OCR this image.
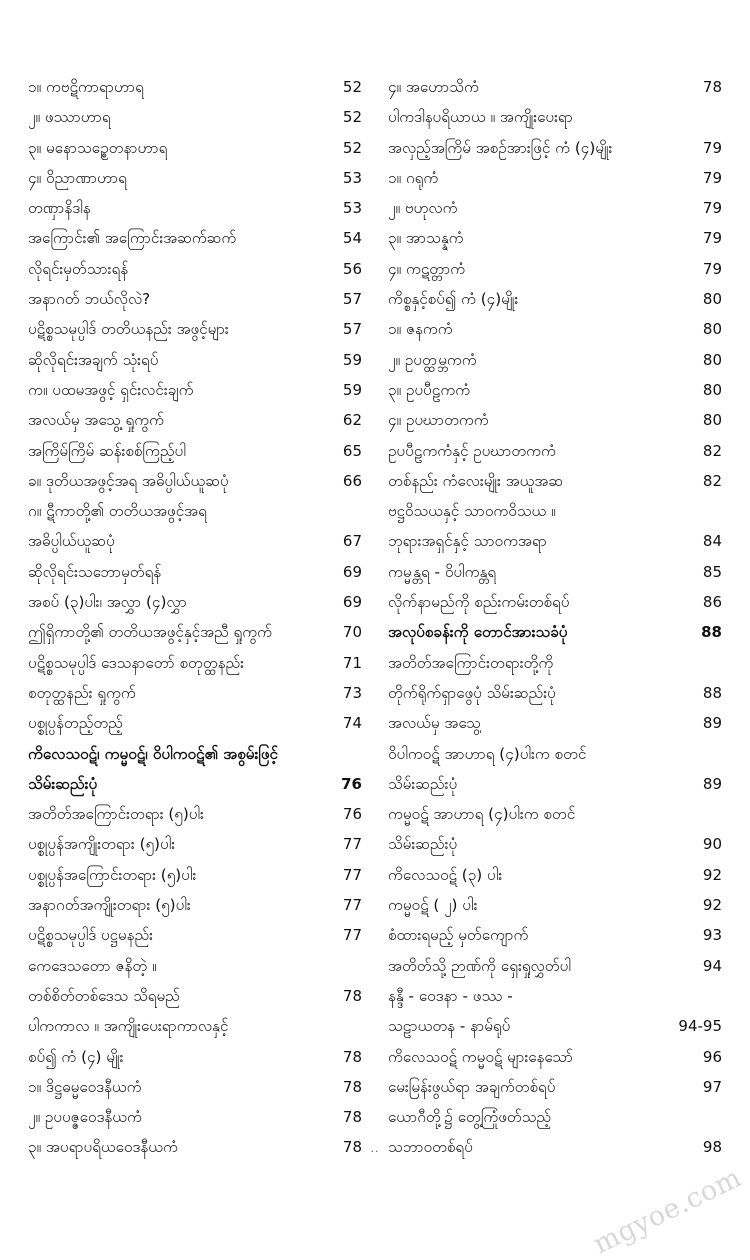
၁။ ကဗဋိကာရာဟာရ	52
၂။ ဖဿာဟာရ	52
၃။ မနောသဉ္စေတနာဟာရ	52
၄။ ဝိညာဏာဟာရ	53
တဏှာနိဒါန	53
အကြောင်း၏ အကြောင်းအဆက်ဆက်	54
လိုရင်းမှတ်သားရန်	56
အနာဂတ် ဘယ်လိုလဲ?	57
ပဋိစ္စသမုပ္ပါဒ် တတိယနည်း အဖွင့်များ	57
ဆိုလိုရင်းအချက် သုံးရပ်	59
က။ ပထမအဖွင့် ရှင်းလင်းချက်	59
အလယ်မှ အသွေ့ ရှုကွက်	62
အကြိမ်ကြိမ် ဆန်းစစ်ကြည့်ပါ	65
ခ။ ဒုတိယအဖွင့်အရ အဓိပ္ပါယ်ယူဆပုံ	66
ဂ။ ဋီကာတို့၏ တတိယအဖွင့်အရ
အဓိပ္ပါယ်ယူဆပုံ	67
ဆိုလိုရင်းသဘောမှတ်ရန်	69
အစပ် (၃)ပါး၊ အလွှာ (၄)လွှာ	69
ဤရှိကာတို့၏ တတိယအဖွင့်နှင့်အညီ ရှုကွက်	70
ပဋိစ္စသမုပ္ပါဒ် ဒေသနာတော် စတုတ္ထနည်း	71
စတုတ္ထနည်း ရှုကွက်	73
ပစ္စုပ္ပန်တည့်တည့်	74
ကိလေသဝဋ်၊ ကမ္မဝဋ်၊ ဝိပါကဝဋ်၏ အစွမ်းဖြင့်
သိမ်းဆည်းပုံ	76
အတိတ်အကြောင်းတရား (၅)ပါး	76
ပစ္စုပ္ပန်အကျိုးတရား (၅)ပါး	77
ပစ္စုပ္ပန်အကြောင်းတရား (၅)ပါး	77
အနာဂတ်အကျိုးတရား (၅)ပါး	77
ပဋိစ္စသမုပ္ပါဒ် ပဋ္ဌမနည်း	77
ကေဒေသတော ဇနိတဲ့ ။
တစ်စိတ်တစ်ဒေသ သိရမည်	78
ပါကကာလ ။ အကျိုးပေးရာကာလနှင့်
စပ်၍ ကံ (၄) မျိုး	78
၁။ ဒိဋ္ဌဓမ္မဝေဒနီယကံ	78
၂။ ဥပပဇ္ဇဝေဒနီယကံ	78
၃။ အပရာပရိယဝေဒနီယကံ	78
၄။ အဟောသိကံ	78
ပါကဒါနပရိယာယ ။ အကျိုးပေးရာ
အလှည့်အကြိမ် အစဉ်အားဖြင့် ကံ (၄)မျိုး	79
၁။ ဂရုကံ	79
၂။ ဗဟုလကံ	79
၃။ အာသန္နကံ	79
၄။ ကဋတ္တာကံ	79
ကိစ္စနှင့်စပ်၍ ကံ (၄)မျိုး	80
၁။ ဇနကကံ	80
၂။ ဥပတ္ထမ္ဘကကံ	80
၃။ ဥပပီဠကကံ	80
၄။ ဥပဃာတကကံ	80
ဥပပီဠကကံနှင့် ဥပဃာတကကံ	82
တစ်နည်း ကံလေးမျိုး အယူအဆ	82
ဗဋ္ဌဝိသယနှင့် သာဝကဝိသယ ။
ဘုရားအရှင်နှင့် သာဝကအရာ	84
ကမ္မန္တရ - ဝိပါကန္တရ	85
လိုက်နာမည်ကို စည်းကမ်းတစ်ရပ်	86
အလုပ်စခန်းကို တောင်အားသခံပုံ	88
အတိတ်အကြောင်းတရားတို့ကို
တိုက်ရိုက်ရှာဖွေပုံ သိမ်းဆည်းပုံ	88
အလယ်မှ အသွေ့	89
ဝိပါကဝဋ် အာဟာရ (၄)ပါးက စတင်
သိမ်းဆည်းပုံ	89
ကမ္မဝဋ် အာဟာရ (၄)ပါးက စတင်
သိမ်းဆည်းပုံ	90
ကိလေသဝဋ် (၃) ပါး	92
ကမ္မဝဋ် ( ၂) ပါး	92
စံထားရမည့် မှတ်ကျောက်	93
အတိတ်သို့ ဉာဏ်ကို ရှေးရှုလွှတ်ပါ	94
နန္ဒီ - ဝေဒနာ - ဖဿ -
သဠာယတန - နာမ်ရုပ်	94-95
ကိလေသဝဋ် ကမ္မဝဋ် များနေသော်	96
မေးမြန်းဖွယ်ရာ အချက်တစ်ရပ်	97
ယောဂီတို့၌ တွေ့ကြုံဖတ်သည့်
သဘာဝတစ်ရပ်	98
··
mgyoe.com
